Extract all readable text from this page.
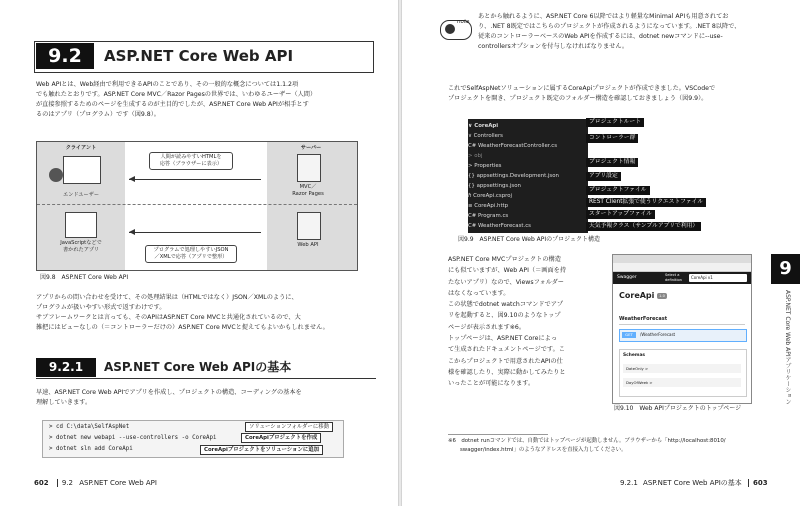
9.2	ASP.NET Core Web API
Web APIとは、Web経由で利用できるAPIのことであり、その一般的な概念については1.1.2項
でも触れたとおりです。ASP.NET Core MVC／Razor Pagesの世界では、いわゆるユーザー（人間）
が直接参照するためのページを生成するのが主目的でしたが、ASP.NET Core Web APIが相手とす
るのはアプリ（プログラム）です（図9.8）。
クライアント	サーバー
エンドユーザー
人間が読みやすいHTMLを
応答（ブラウザーに表示）
MVC／
Razor Pages
JavaScriptなどで
書かれたアプリ	プログラムで処理しやすいJSON
／XMLで応答（アプリで整形）
Web API
図9.8　ASP.NET Core Web API
アプリからの問い合わせを受けて、その処理結果は（HTMLではなく）JSON／XMLのように、
プログラムが扱いやすい形式で返すわけです。
サブフレームワークとは言っても、そのAPIはASP.NET Core MVCと共通化されているので、大
雑把にはビューなしの（＝コントローラーだけの）ASP.NET Core MVCと捉えてもよいかもしれません。
9.2.1	ASP.NET Core Web APIの基本
早速、ASP.NET Core Web APIでアプリを作成し、プロジェクトの構造、コーディングの基本を
理解していきます。
> cd C:\data\SelfAspNet
> dotnet new webapi --use-controllers -o CoreApi
> dotnet sln add CoreApi
ソリューションフォルダーに移動
CoreApiプロジェクトを作成
CoreApiプロジェクトをソリューションに追加
602 9.2 ASP.NET Core Web API
note
あとから触れるように、ASP.NET Core 6以降ではより軽量なMinimal APIも用意されてお
り、.NET 8既定ではこちらのプロジェクトが作成されるようになっています。.NET 8以降で、
従来のコントローラーベースのWeb APIを作成するには、dotnet newコマンドに--use-
controllersオプションを付与しなければなりません。
これでSelfAspNetソリューションに属するCoreApiプロジェクトが作成できました。VSCodeで
プロジェクトを開き、プロジェクト既定のフォルダー構造を確認しておきましょう（図9.9）。
∨ CoreApi
∨ Controllers
C# WeatherForecastController.cs
> obj
> Properties
{} appsettings.Development.json
{} appsettings.json
ℏ CoreApi.csproj
≡ CoreApi.http
C# Program.cs
C# WeatherForecast.cs
プロジェクトルート
コントローラー群
プロジェクト情報
アプリ設定
プロジェクトファイル
REST Client拡張で使うリクエストファイル
スタートアップファイル
天気予報クラス（サンプルアプリで利用）
図9.9　ASP.NET Core Web APIのプロジェクト構造
ASP.NET Core MVCプロジェクトの構造
にも似ていますが、Web API（＝画面を持
たないアプリ）なので、Viewsフォルダー
はなくなっています。
この状態でdotnet watchコマンドでアプ
リを起動すると、図9.10のようなトップ
ページが表示されます※6。
トップページは、ASP.NET Coreによっ
て生成されたドキュメントページです。こ
こからプロジェクトで用意されたAPIの仕
様を確認したり、実際に動かしてみたりと
いったことが可能になります。
Swagger	Select a definition	CoreApi v1
CoreApi	1.0
WeatherForecast
GET	/WeatherForecast
Schemas
DateOnly >
DayOfWeek >
図9.10　Web APIプロジェクトのトップページ
9
ASP.NET Core Web APIアプリケーション
※6　dotnet runコマンドでは、自動ではトップページが起動しません。ブラウザーから「http://localhost:8010/
swagger/index.html」のようなアドレスを直接入力してください。
9.2.1 ASP.NET Core Web APIの基本 603
